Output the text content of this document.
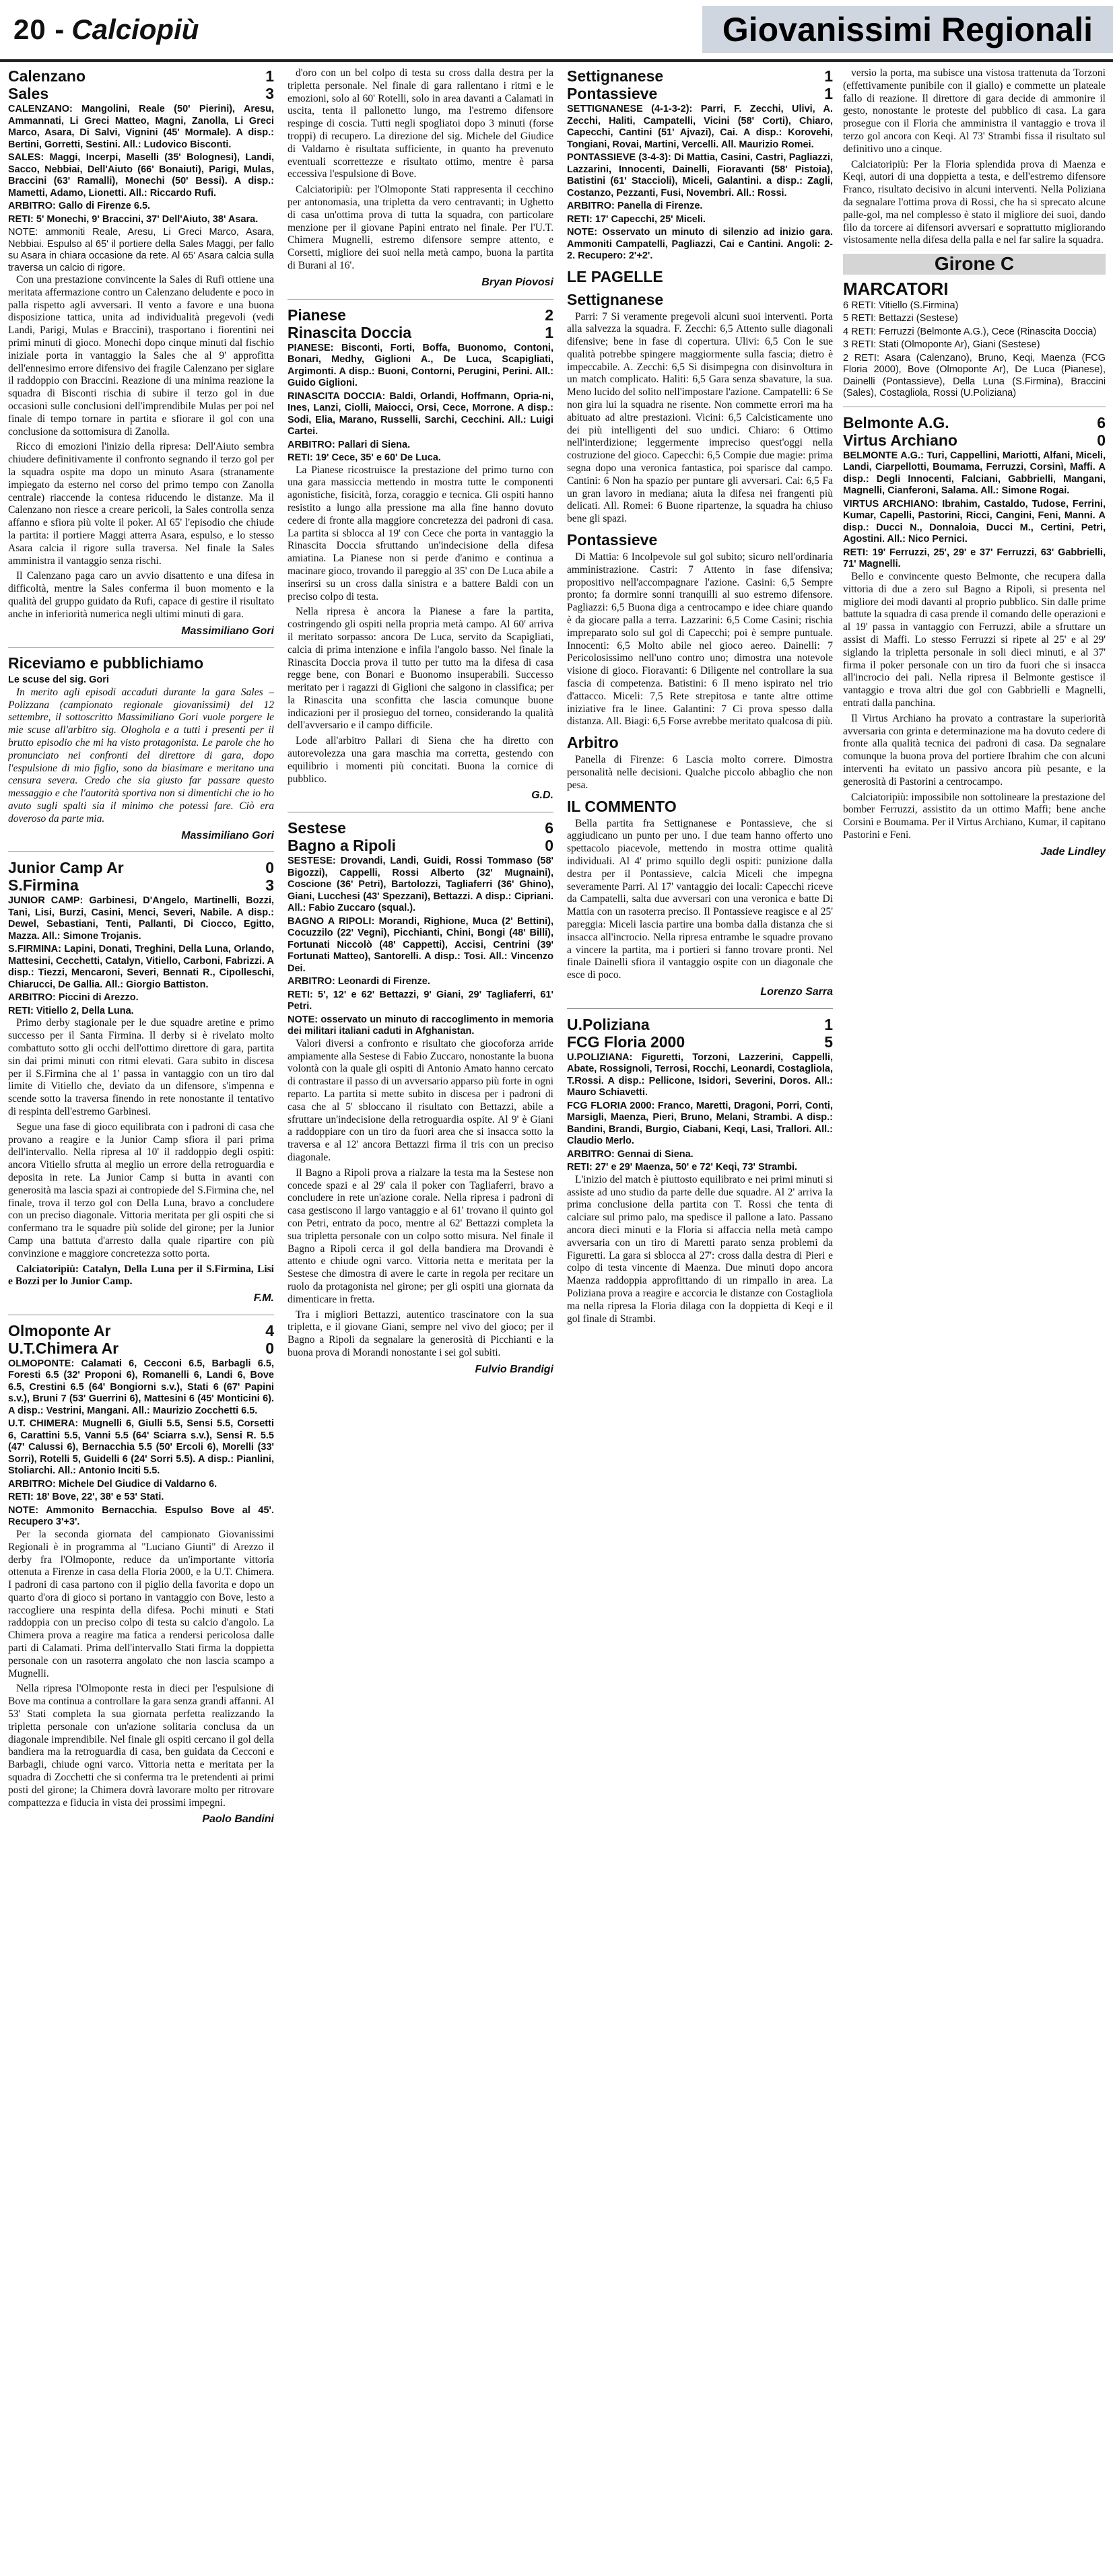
20 - Calciopiù	Giovanissimi Regionali
Calenzano	1
Sales	3
CALENZANO: Mangolini, Reale (50' Pierini), Aresu, Ammannati, Li Greci Matteo, Magni, Zanolla, Li Greci Marco, Asara, Di Salvi, Vignini (45' Mormale). A disp.: Bertini, Gorretti, Sestini. All.: Ludovico Bisconti.
SALES: Maggi, Incerpi, Maselli (35' Bolognesi), Landi, Sacco, Nebbiai, Dell'Aiuto (66' Bonaiuti), Parigi, Mulas, Braccini (63' Ramalli), Monechi (50' Bessi). A disp.: Mametti, Adamo, Lionetti. All.: Riccardo Rufi.
ARBITRO: Gallo di Firenze 6.5.
RETI: 5' Monechi, 9' Braccini, 37' Dell'Aiuto, 38' Asara.
NOTE: ammoniti Reale, Aresu, Li Greci Marco, Asara, Nebbiai. Espulso al 65' il portiere della Sales Maggi, per fallo su Asara in chiara occasione da rete. Al 65' Asara calcia sulla traversa un calcio di rigore.

Con una prestazione convincente la Sales di Rufi ottiene una meritata affermazione contro un Calenzano deludente e poco in palla rispetto agli avversari. Il vento a favore e una buona disposizione tattica, unita ad individualità pregevoli (vedi Landi, Parigi, Mulas e Braccini), trasportano i fiorentini nei primi minuti di gioco. Monechi dopo cinque minuti dal fischio iniziale porta in vantaggio la Sales che al 9' approfitta dell'ennesimo errore difensivo dei fragile Calenzano per siglare il raddoppio con Braccini. Reazione di una minima reazione la squadra di Bisconti rischia di subire il terzo gol in due occasioni sulle conclusioni dell'imprendibile Mulas per poi nel finale di tempo tornare in partita e sfiorare il gol con una conclusione da sottomisura di Zanolla.

Ricco di emozioni l'inizio della ripresa: Dell'Aiuto sembra chiudere definitivamente il confronto segnando il terzo gol per la squadra ospite ma dopo un minuto Asara (stranamente impiegato da esterno nel corso del primo tempo con Zanolla centrale) riaccende la contesa riducendo le distanze. Ma il Calenzano non riesce a creare pericoli, la Sales controlla senza affanno e sfiora più volte il poker. Al 65' l'episodio che chiude la partita: il portiere Maggi atterra Asara, espulso, e lo stesso Asara calcia il rigore sulla traversa. Nel finale la Sales amministra il vantaggio senza rischi.

Il Calenzano paga caro un avvio disattento e una difesa in difficoltà, mentre la Sales conferma il buon momento e la qualità del gruppo guidato da Rufi, capace di gestire il risultato anche in inferiorità numerica negli ultimi minuti di gara.

Massimiliano Gori
Riceviamo e pubblichiamo
Le scuse del sig. Gori

In merito agli episodi accaduti durante la gara Sales – Polizzana (campionato regionale giovanissimi) del 12 settembre, il sottoscritto Massimiliano Gori vuole porgere le mie scuse all'arbitro sig. Ologhola e a tutti i presenti per il brutto episodio che mi ha visto protagonista. Le parole che ho pronunciato nei confronti del direttore di gara, dopo l'espulsione di mio figlio, sono da biasimare e meritano una censura severa. Credo che sia giusto far passare questo messaggio e che l'autorità sportiva non si dimentichi che io ho avuto sugli spalti sia il minimo che potessi fare. Ciò era doveroso da parte mia.

Massimiliano Gori
Junior Camp Ar	0
S.Firmina	3
JUNIOR CAMP: Garbinesi, D'Angelo, Martinelli, Bozzi, Tani, Lisi, Burzi, Casini, Menci, Severi, Nabile. A disp.: Dewel, Sebastiani, Tenti, Pallanti, Di Ciocco, Egitto, Mazza. All.: Simone Trojanis.
S.FIRMINA: Lapini, Donati, Treghini, Della Luna, Orlando, Mattesini, Cecchetti, Catalyn, Vitiello, Carboni, Fabrizzi. A disp.: Tiezzi, Mencaroni, Severi, Bennati R., Cipolleschi, Chiarucci, De Gallia. All.: Giorgio Battiston.
ARBITRO: Piccini di Arezzo.
RETI: Vitiello 2, Della Luna.

Primo derby stagionale per le due squadre aretine e primo successo per il Santa Firmina. Il derby si è rivelato molto combattuto sotto gli occhi dell'ottimo direttore di gara, partita sin dai primi minuti con ritmi elevati. Gara subito in discesa per il S.Firmina che al 1' passa in vantaggio con un tiro dal limite di Vitiello che, deviato da un difensore, s'impenna e scende sotto la traversa finendo in rete nonostante il tentativo di respinta dell'estremo Garbinesi.

Segue una fase di gioco equilibrata con i padroni di casa che provano a reagire e la Junior Camp sfiora il pari prima dell'intervallo. Nella ripresa al 10' il raddoppio degli ospiti: ancora Vitiello sfrutta al meglio un errore della retroguardia e deposita in rete. La Junior Camp si butta in avanti con generosità ma lascia spazi ai contropiede del S.Firmina che, nel finale, trova il terzo gol con Della Luna, bravo a concludere con un preciso diagonale. Vittoria meritata per gli ospiti che si confermano tra le squadre più solide del girone; per la Junior Camp una battuta d'arresto dalla quale ripartire con più convinzione e maggiore concretezza sotto porta.

Calciatoripiù: Catalyn, Della Luna per il S.Firmina, Lisi e Bozzi per lo Junior Camp.

F.M.
Olmoponte Ar	4
U.T.Chimera Ar	0
OLMOPONTE: Calamati 6, Cecconi 6.5, Barbagli 6.5, Foresti 6.5 (32' Proponi 6), Romanelli 6, Landi 6, Bove 6.5, Crestini 6.5 (64' Bongiorni s.v.), Stati 6 (67' Papini s.v.), Bruni 7 (53' Guerrini 6), Mattesini 6 (45' Monticini 6). A disp.: Vestrini, Mangani. All.: Maurizio Zocchetti 6.5.
U.T. CHIMERA: Mugnelli 6, Giulli 5.5, Sensi 5.5, Corsetti 6, Carattini 5.5, Vanni 5.5 (64' Sciarra s.v.), Sensi R. 5.5 (47' Calussi 6), Bernacchia 5.5 (50' Ercoli 6), Morelli (33' Sorri), Rotelli 5, Guidelli 6 (24' Sorri 5.5). A disp.: Pianlini, Stoliarchi. All.: Antonio Inciti 5.5.
ARBITRO: Michele Del Giudice di Valdarno 6.
RETI: 18' Bove, 22', 38' e 53' Stati.
NOTE: Ammonito Bernacchia. Espulso Bove al 45'. Recupero 3'+3'.

Per la seconda giornata del campionato Giovanissimi Regionali è in programma al "Luciano Giunti" di Arezzo il derby fra l'Olmoponte, reduce da un'importante vittoria ottenuta a Firenze in casa della Floria 2000, e la U.T. Chimera. I padroni di casa partono con il piglio della favorita e dopo un quarto d'ora di gioco si portano in vantaggio con Bove, lesto a raccogliere una respinta della difesa. Pochi minuti e Stati raddoppia con un preciso colpo di testa su calcio d'angolo. La Chimera prova a reagire ma fatica a rendersi pericolosa dalle parti di Calamati. Prima dell'intervallo Stati firma la doppietta personale con un rasoterra angolato che non lascia scampo a Mugnelli.

Nella ripresa l'Olmoponte resta in dieci per l'espulsione di Bove ma continua a controllare la gara senza grandi affanni. Al 53' Stati completa la sua giornata perfetta realizzando la tripletta personale con un'azione solitaria conclusa da un diagonale imprendibile. Nel finale gli ospiti cercano il gol della bandiera ma la retroguardia di casa, ben guidata da Cecconi e Barbagli, chiude ogni varco. Vittoria netta e meritata per la squadra di Zocchetti che si conferma tra le pretendenti ai primi posti del girone; la Chimera dovrà lavorare molto per ritrovare compattezza e fiducia in vista dei prossimi impegni.

Paolo Bandini

d'oro con un bel colpo di testa su cross dalla destra per la tripletta personale. Nel finale di gara rallentano i ritmi e le emozioni, solo al 60' Rotelli, solo in area davanti a Calamati in uscita, tenta il pallonetto lungo, ma l'estremo difensore respinge di coscia. Tutti negli spogliatoi dopo 3 minuti (forse troppi) di recupero. La direzione del sig. Michele del Giudice di Valdarno è risultata sufficiente, in quanto ha prevenuto eventuali scorrettezze e risultato ottimo, mentre è parsa eccessiva l'espulsione di Bove.

Calciatoripiù: per l'Olmoponte Stati rappresenta il cecchino per antonomasia, una tripletta da vero centravanti; in Ughetto di casa un'ottima prova di tutta la squadra, con particolare menzione per il giovane Papini entrato nel finale. Per l'U.T. Chimera Mugnelli, estremo difensore sempre attento, e Corsetti, migliore dei suoi nella metà campo, buona la partita di Burani al 16'.

Bryan Piovosi
Pianese	2
Rinascita Doccia	1
PIANESE: Bisconti, Forti, Boffa, Buonomo, Contoni, Bonari, Medhy, Giglioni A., De Luca, Scapigliati, Argimonti. A disp.: Buoni, Contorni, Perugini, Perini. All.: Guido Giglioni.
RINASCITA DOCCIA: Baldi, Orlandi, Hoffmann, Opria-ni, Ines, Lanzi, Ciolli, Maiocci, Orsi, Cece, Morrone. A disp.: Sodi, Elia, Marano, Russelli, Sarchi, Cecchini. All.: Luigi Cartei.
ARBITRO: Pallari di Siena.
RETI: 19' Cece, 35' e 60' De Luca.

La Pianese ricostruisce la prestazione del primo turno con una gara massiccia mettendo in mostra tutte le componenti agonistiche, fisicità, forza, coraggio e tecnica. Gli ospiti hanno resistito a lungo alla pressione ma alla fine hanno dovuto cedere di fronte alla maggiore concretezza dei padroni di casa. La partita si sblocca al 19' con Cece che porta in vantaggio la Rinascita Doccia sfruttando un'indecisione della difesa amiatina. La Pianese non si perde d'animo e continua a macinare gioco, trovando il pareggio al 35' con De Luca abile a inserirsi su un cross dalla sinistra e a battere Baldi con un preciso colpo di testa.

Nella ripresa è ancora la Pianese a fare la partita, costringendo gli ospiti nella propria metà campo. Al 60' arriva il meritato sorpasso: ancora De Luca, servito da Scapigliati, calcia di prima intenzione e infila l'angolo basso. Nel finale la Rinascita Doccia prova il tutto per tutto ma la difesa di casa regge bene, con Bonari e Buonomo insuperabili. Successo meritato per i ragazzi di Giglioni che salgono in classifica; per la Rinascita una sconfitta che lascia comunque buone indicazioni per il prosieguo del torneo, considerando la qualità dell'avversario e il campo difficile.

Lode all'arbitro Pallari di Siena che ha diretto con autorevolezza una gara maschia ma corretta, gestendo con equilibrio i momenti più concitati. Buona la cornice di pubblico.

G.D.
Sestese	6
Bagno a Ripoli	0
SESTESE: Drovandi, Landi, Guidi, Rossi Tommaso (58' Bigozzi), Cappelli, Rossi Alberto (32' Mugnaini), Coscione (36' Petri), Bartolozzi, Tagliaferri (36' Ghino), Giani, Lucchesi (43' Spezzani), Bettazzi. A disp.: Cipriani. All.: Fabio Zuccaro (squal.).
BAGNO A RIPOLI: Morandi, Righione, Muca (2' Bettini), Cocuzzilo (22' Vegni), Picchianti, Chini, Bongi (48' Billi), Fortunati Niccolò (48' Cappetti), Accisi, Centrini (39' Fortunati Matteo), Santorelli. A disp.: Tosi. All.: Vincenzo Dei.
ARBITRO: Leonardi di Firenze.
RETI: 5', 12' e 62' Bettazzi, 9' Giani, 29' Tagliaferri, 61' Petri.
NOTE: osservato un minuto di raccoglimento in memoria dei militari italiani caduti in Afghanistan.

Valori diversi a confronto e risultato che giocoforza arride ampiamente alla Sestese di Fabio Zuccaro, nonostante la buona volontà con la quale gli ospiti di Antonio Amato hanno cercato di contrastare il passo di un avversario apparso più forte in ogni reparto. La partita si mette subito in discesa per i padroni di casa che al 5' sbloccano il risultato con Bettazzi, abile a sfruttare un'indecisione della retroguardia ospite. Al 9' è Giani a raddoppiare con un tiro da fuori area che si insacca sotto la traversa e al 12' ancora Bettazzi firma il tris con un preciso diagonale.

Il Bagno a Ripoli prova a rialzare la testa ma la Sestese non concede spazi e al 29' cala il poker con Tagliaferri, bravo a concludere in rete un'azione corale. Nella ripresa i padroni di casa gestiscono il largo vantaggio e al 61' trovano il quinto gol con Petri, entrato da poco, mentre al 62' Bettazzi completa la sua tripletta personale con un colpo sotto misura. Nel finale il Bagno a Ripoli cerca il gol della bandiera ma Drovandi è attento e chiude ogni varco. Vittoria netta e meritata per la Sestese che dimostra di avere le carte in regola per recitare un ruolo da protagonista nel girone; per gli ospiti una giornata da dimenticare in fretta.

Tra i migliori Bettazzi, autentico trascinatore con la sua tripletta, e il giovane Giani, sempre nel vivo del gioco; per il Bagno a Ripoli da segnalare la generosità di Picchianti e la buona prova di Morandi nonostante i sei gol subiti.

Fulvio Brandigi
Settignanese	1
Pontassieve	1
SETTIGNANESE (4-1-3-2): Parri, F. Zecchi, Ulivi, A. Zecchi, Haliti, Campatelli, Vicini (58' Corti), Chiaro, Capecchi, Cantini (51' Ajvazi), Cai. A disp.: Korovehi, Tongiani, Rovai, Martini, Vercelli. All. Maurizio Romei.
PONTASSIEVE (3-4-3): Di Mattia, Casini, Castri, Pagliazzi, Lazzarini, Innocenti, Dainelli, Fioravanti (58' Pistoia), Batistini (61' Staccioli), Miceli, Galantini. a disp.: Zagli, Costanzo, Pezzanti, Fusi, Novembri. All.: Rossi.
ARBITRO: Panella di Firenze.
RETI: 17' Capecchi, 25' Miceli.
NOTE: Osservato un minuto di silenzio ad inizio gara. Ammoniti Campatelli, Pagliazzi, Cai e Cantini. Angoli: 2-2. Recupero: 2'+2'.
LE PAGELLE
Settignanese

Parri: 7 Si veramente pregevoli alcuni suoi interventi. Porta alla salvezza la squadra. F. Zecchi: 6,5 Attento sulle diagonali difensive; bene in fase di copertura. Ulivi: 6,5 Con le sue qualità potrebbe spingere maggiormente sulla fascia; dietro è impeccabile. A. Zecchi: 6,5 Si disimpegna con disinvoltura in un match complicato. Haliti: 6,5 Gara senza sbavature, la sua. Meno lucido del solito nell'impostare l'azione. Campatelli: 6 Se non gira lui la squadra ne risente. Non commette errori ma ha abituato ad altre prestazioni. Vicini: 6,5 Calcisticamente uno dei più intelligenti del suo undici. Chiaro: 6 Ottimo nell'interdizione; leggermente impreciso quest'oggi nella costruzione del gioco. Capecchi: 6,5 Compie due magie: prima segna dopo una veronica fantastica, poi sparisce dal campo. Cantini: 6 Non ha spazio per puntare gli avversari. Cai: 6,5 Fa un gran lavoro in mediana; aiuta la difesa nei frangenti più delicati. All. Romei: 6 Buone ripartenze, la squadra ha chiuso bene gli spazi.

Pontassieve

Di Mattia: 6 Incolpevole sul gol subito; sicuro nell'ordinaria amministrazione. Castri: 7 Attento in fase difensiva; propositivo nell'accompagnare l'azione. Casini: 6,5 Sempre pronto; fa dormire sonni tranquilli al suo estremo difensore. Pagliazzi: 6,5 Buona diga a centrocampo e idee chiare quando è da giocare palla a terra. Lazzarini: 6,5 Come Casini; rischia impreparato solo sul gol di Capecchi; poi è sempre puntuale. Innocenti: 6,5 Molto abile nel gioco aereo. Dainelli: 7 Pericolosissimo nell'uno contro uno; dimostra una notevole visione di gioco. Fioravanti: 6 Diligente nel controllare la sua fascia di competenza. Batistini: 6 Il meno ispirato nel trio d'attacco. Miceli: 7,5 Rete strepitosa e tante altre ottime iniziative fra le linee. Galantini: 7 Ci prova spesso dalla distanza. All. Biagi: 6,5 Forse avrebbe meritato qualcosa di più.

Arbitro

Panella di Firenze: 6 Lascia molto correre. Dimostra personalità nelle decisioni. Qualche piccolo abbaglio che non pesa.

IL COMMENTO

Bella partita fra Settignanese e Pontassieve, che si aggiudicano un punto per uno. I due team hanno offerto uno spettacolo piacevole, mettendo in mostra ottime qualità individuali. Al 4' primo squillo degli ospiti: punizione dalla destra per il Pontassieve, calcia Miceli che impegna severamente Parri. Al 17' vantaggio dei locali: Capecchi riceve da Campatelli, salta due avversari con una veronica e batte Di Mattia con un rasoterra preciso. Il Pontassieve reagisce e al 25' pareggia: Miceli lascia partire una bomba dalla distanza che si insacca all'incrocio. Nella ripresa entrambe le squadre provano a vincere la partita, ma i portieri si fanno trovare pronti. Nel finale Dainelli sfiora il vantaggio ospite con un diagonale che esce di poco.

Lorenzo Sarra
U.Poliziana	1
FCG Floria 2000	5
U.POLIZIANA: Figuretti, Torzoni, Lazzerini, Cappelli, Abate, Rossignoli, Terrosi, Rocchi, Leonardi, Costagliola, T.Rossi. A disp.: Pellicone, Isidori, Severini, Doros. All.: Mauro Schiavetti.
FCG FLORIA 2000: Franco, Maretti, Dragoni, Porri, Conti, Marsigli, Maenza, Pieri, Bruno, Melani, Strambi. A disp.: Bandini, Brandi, Burgio, Ciabani, Keqi, Lasi, Trallori. All.: Claudio Merlo.
ARBITRO: Gennai di Siena.
RETI: 27' e 29' Maenza, 50' e 72' Keqi, 73' Strambi.

L'inizio del match è piuttosto equilibrato e nei primi minuti si assiste ad uno studio da parte delle due squadre. Al 2' arriva la prima conclusione della partita con T. Rossi che tenta di calciare sul primo palo, ma spedisce il pallone a lato. Passano ancora dieci minuti e la Floria si affaccia nella metà campo avversaria con un tiro di Maretti parato senza problemi da Figuretti. La gara si sblocca al 27': cross dalla destra di Pieri e colpo di testa vincente di Maenza. Due minuti dopo ancora Maenza raddoppia approfittando di un rimpallo in area. La Poliziana prova a reagire e accorcia le distanze con Costagliola ma nella ripresa la Floria dilaga con la doppietta di Keqi e il gol finale di Strambi.

versio la porta, ma subisce una vistosa trattenuta da Torzoni (effettivamente punibile con il giallo) e commette un plateale fallo di reazione. Il direttore di gara decide di ammonire il gesto, nonostante le proteste del pubblico di casa. La gara prosegue con il Floria che amministra il vantaggio e trova il terzo gol ancora con Keqi. Al 73' Strambi fissa il risultato sul definitivo uno a cinque.

Calciatoripiù: Per la Floria splendida prova di Maenza e Keqi, autori di una doppietta a testa, e dell'estremo difensore Franco, risultato decisivo in alcuni interventi. Nella Poliziana da segnalare l'ottima prova di Rossi, che ha sì sprecato alcune palle-gol, ma nel complesso è stato il migliore dei suoi, dando filo da torcere ai difensori avversari e soprattutto migliorando vistosamente nella difesa della palla e nel far salire la squadra.

Girone C
MARCATORI
6 RETI: Vitiello (S.Firmina)
5 RETI: Bettazzi (Sestese)
4 RETI: Ferruzzi (Belmonte A.G.), Cece (Rinascita Doccia)
3 RETI: Stati (Olmoponte Ar), Giani (Sestese)
2 RETI: Asara (Calenzano), Bruno, Keqi, Maenza (FCG Floria 2000), Bove (Olmoponte Ar), De Luca (Pianese), Dainelli (Pontassieve), Della Luna (S.Firmina), Braccini (Sales), Costagliola, Rossi (U.Poliziana)
Belmonte A.G.	6
Virtus Archiano	0
BELMONTE A.G.: Turi, Cappellini, Mariotti, Alfani, Miceli, Landi, Ciarpellotti, Boumama, Ferruzzi, Corsinì, Maffi. A disp.: Degli Innocenti, Falciani, Gabbrielli, Mangani, Magnelli, Cianferoni, Salama. All.: Simone Rogai.
VIRTUS ARCHIANO: Ibrahim, Castaldo, Tudose, Ferrini, Kumar, Capelli, Pastorini, Ricci, Cangini, Feni, Manni. A disp.: Ducci N., Donnaloia, Ducci M., Certini, Petri, Agostini. All.: Nico Pernici.
RETI: 19' Ferruzzi, 25', 29' e 37' Ferruzzi, 63' Gabbrielli, 71' Magnelli.

Bello e convincente questo Belmonte, che recupera dalla vittoria di due a zero sul Bagno a Ripoli, si presenta nel migliore dei modi davanti al proprio pubblico. Sin dalle prime battute la squadra di casa prende il comando delle operazioni e al 19' passa in vantaggio con Ferruzzi, abile a sfruttare un assist di Maffi. Lo stesso Ferruzzi si ripete al 25' e al 29' siglando la tripletta personale in soli dieci minuti, e al 37' firma il poker personale con un tiro da fuori che si insacca all'incrocio dei pali. Nella ripresa il Belmonte gestisce il vantaggio e trova altri due gol con Gabbrielli e Magnelli, entrati dalla panchina.

Il Virtus Archiano ha provato a contrastare la superiorità avversaria con grinta e determinazione ma ha dovuto cedere di fronte alla qualità tecnica dei padroni di casa. Da segnalare comunque la buona prova del portiere Ibrahim che con alcuni interventi ha evitato un passivo ancora più pesante, e la generosità di Pastorini a centrocampo.

Calciatoripiù: impossibile non sottolineare la prestazione del bomber Ferruzzi, assistito da un ottimo Maffi; bene anche Corsinì e Boumama. Per il Virtus Archiano, Kumar, il capitano Pastorini e Feni.

Jade Lindley
